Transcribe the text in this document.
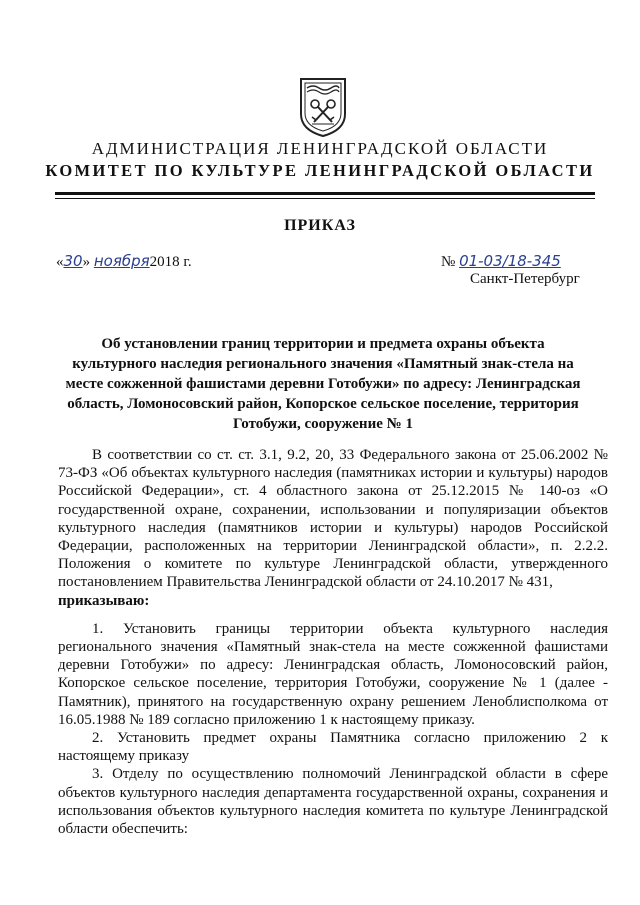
АДМИНИСТРАЦИЯ ЛЕНИНГРАДСКОЙ ОБЛАСТИ
КОМИТЕТ ПО КУЛЬТУРЕ ЛЕНИНГРАДСКОЙ ОБЛАСТИ
ПРИКАЗ
«30» ноября2018 г.	№ 01-03/18-345
Санкт-Петербург
Об установлении границ территории и предмета охраны объекта культурного наследия регионального значения «Памятный знак-стела на месте сожженной фашистами деревни Готобужи» по адресу: Ленинградская область, Ломоносовский район, Копорское сельское поселение, территория Готобужи, сооружение № 1

В соответствии со ст. ст. 3.1, 9.2, 20, 33 Федерального закона от 25.06.2002 № 73-ФЗ «Об объектах культурного наследия (памятниках истории и культуры) народов Российской Федерации», ст. 4 областного закона от 25.12.2015 № 140-оз «О государственной охране, сохранении, использовании и популяризации объектов культурного наследия (памятников истории и культуры) народов Российской Федерации, расположенных на территории Ленинградской области», п. 2.2.2. Положения о комитете по культуре Ленинградской области, утвержденного постановлением Правительства Ленинградской области от 24.10.2017 № 431,

приказываю:

1. Установить границы территории объекта культурного наследия регионального значения «Памятный знак-стела на месте сожженной фашистами деревни Готобужи» по адресу: Ленинградская область, Ломоносовский район, Копорское сельское поселение, территория Готобужи, сооружение № 1 (далее - Памятник), принятого на государственную охрану решением Леноблисполкома от 16.05.1988 № 189 согласно приложению 1 к настоящему приказу.

2. Установить предмет охраны Памятника согласно приложению 2 к настоящему приказу

3. Отделу по осуществлению полномочий Ленинградской области в сфере объектов культурного наследия департамента государственной охраны, сохранения и использования объектов культурного наследия комитета по культуре Ленинградской области обеспечить:
